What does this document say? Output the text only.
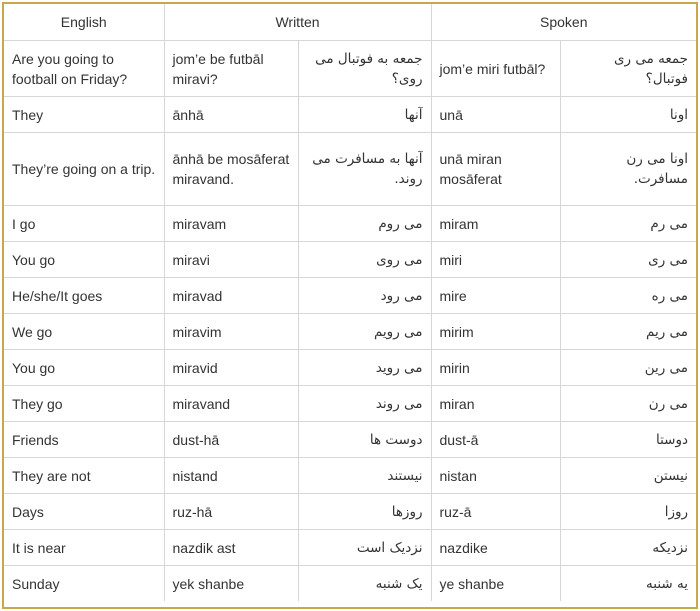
English	Written		Spoken	
Are you going to football on Friday?	jom’e be futbāl miravi?	جمعه به فوتبال می روی؟	jom’e miri futbāl?	جمعه می ری فوتبال؟
They	ānhā	آنها	unā	اونا
They’re going on a trip.	ānhā be mosāferat miravand.	آنها به مسافرت می روند.	unā miran mosāferat	اونا می رن مسافرت.
I go	miravam	می روم	miram	می رم
You go	miravi	می روی	miri	می ری
He/she/It goes	miravad	می رود	mire	می ره
We go	miravim	می رویم	mirim	می ریم
You go	miravid	می روید	mirin	می رین
They go	miravand	می روند	miran	می رن
Friends	dust-hā	دوست ها	dust-ā	دوستا
They are not	nistand	نیستند	nistan	نیستن
Days	ruz-hā	روزها	ruz-ā	روزا
It is near	nazdik ast	نزدیک است	nazdike	نزدیکه
Sunday	yek shanbe	یک شنبه	ye shanbe	یه شنبه
